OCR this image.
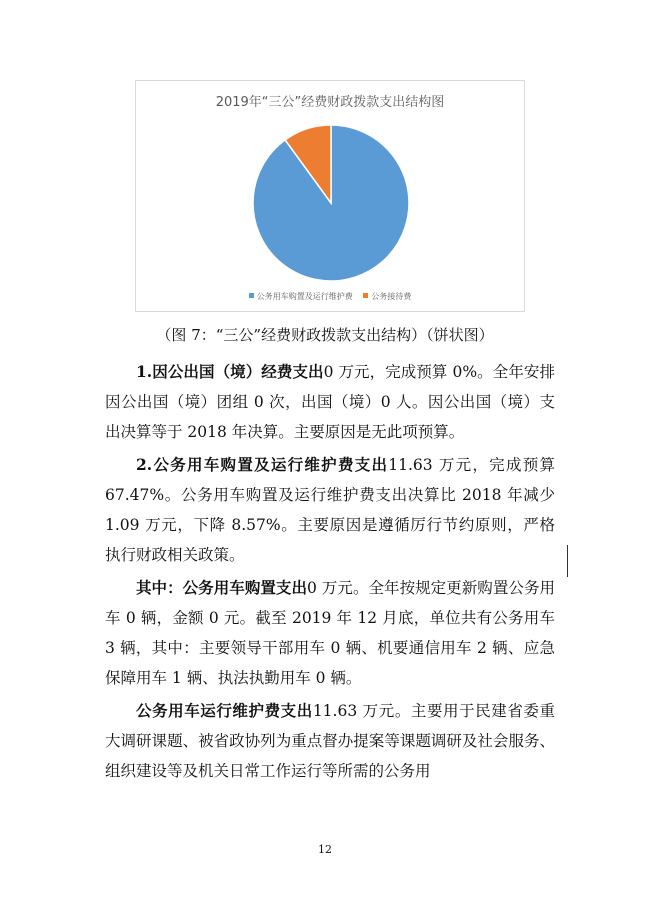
2019年“三公”经费财政拨款支出结构图
公务用车购置及运行维护费 公务接待费
（图 7：“三公”经费财政拨款支出结构）（饼状图）

1.因公出国（境）经费支出0 万元，完成预算 0%。全年安排因公出国（境）团组 0 次，出国（境）0 人。因公出国（境）支出决算等于 2018 年决算。主要原因是无此项预算。

2.公务用车购置及运行维护费支出11.63 万元，完成预算 67.47%。公务用车购置及运行维护费支出决算比 2018 年减少 1.09 万元，下降 8.57%。主要原因是遵循厉行节约原则，严格执行财政相关政策。

其中：公务用车购置支出0 万元。全年按规定更新购置公务用车 0 辆，金额 0 元。截至 2019 年 12 月底，单位共有公务用车 3 辆，其中：主要领导干部用车 0 辆、机要通信用车 2 辆、应急保障用车 1 辆、执法执勤用车 0 辆。

公务用车运行维护费支出11.63 万元。主要用于民建省委重大调研课题、被省政协列为重点督办提案等课题调研及社会服务、组织建设等及机关日常工作运行等所需的公务用

12
